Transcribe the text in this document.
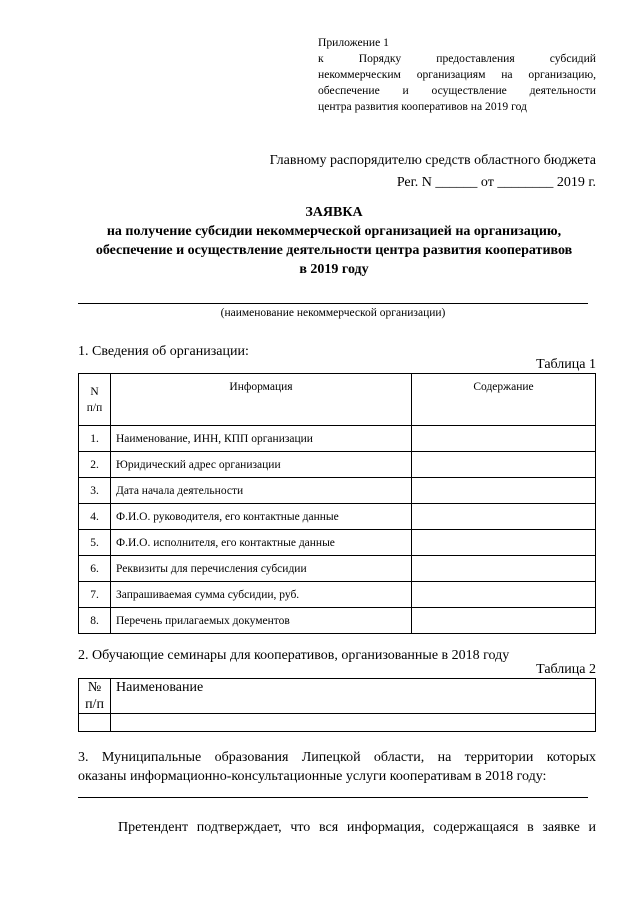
Приложение 1
к Порядку предоставления субсидий
некоммерческим организациям на организацию,
обеспечение и осуществление деятельности
центра развития кооперативов на 2019 год
Главному распорядителю средств областного бюджета
Рег. N ______ от ________ 2019 г.
ЗАЯВКА
на получение субсидии некоммерческой организацией на организацию,
обеспечение и осуществление деятельности центра развития кооперативов
в 2019 году
(наименование некоммерческой организации)
1. Сведения об организации:
Таблица 1
N
п/п	Информация	Содержание
1.	Наименование, ИНН, КПП организации	
2.	Юридический адрес организации	
3.	Дата начала деятельности	
4.	Ф.И.О. руководителя, его контактные данные	
5.	Ф.И.О. исполнителя, его контактные данные	
6.	Реквизиты для перечисления субсидии	
7.	Запрашиваемая сумма субсидии, руб.	
8.	Перечень прилагаемых документов	
2. Обучающие семинары для кооперативов, организованные в 2018 году
Таблица 2
№
п/п	Наименование

3. Муниципальные образования Липецкой области, на территории которых
оказаны информационно-консультационные услуги кооперативам в 2018 году:
Претендент подтверждает, что вся информация, содержащаяся в заявке и
